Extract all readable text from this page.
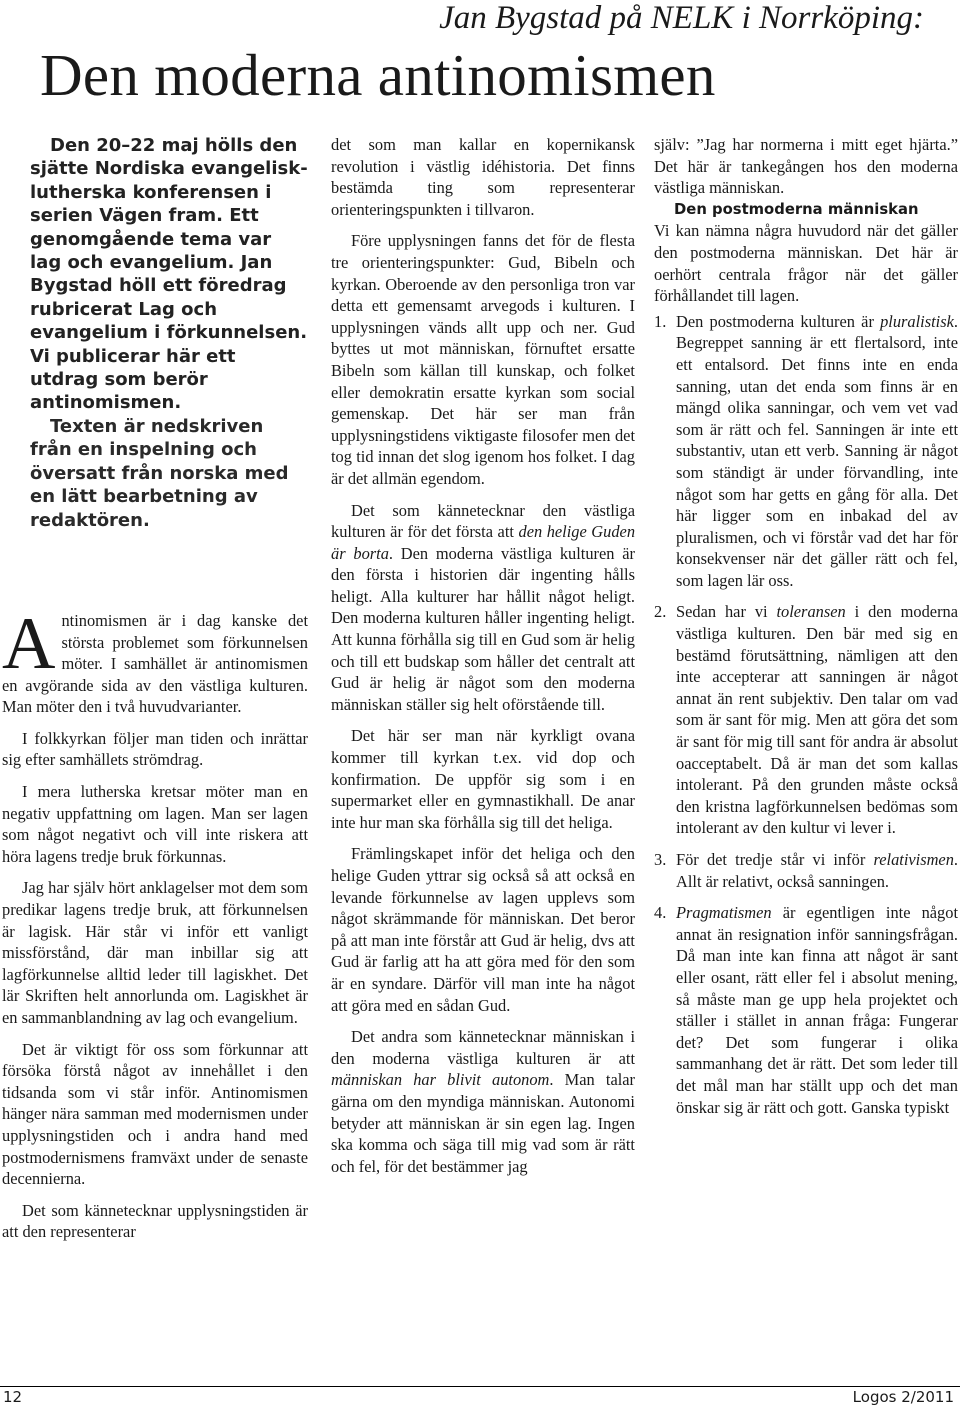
Jan Bygstad på NELK i Norrköping:
Den moderna antinomismen

Den 20–22 maj hölls den sjätte Nordiska evangelisk-lutherska konferensen i serien Vägen fram. Ett genomgående tema var lag och evangelium. Jan Bygstad höll ett föredrag rubricerat Lag och evangelium i förkunnelsen. Vi publicerar här ett utdrag som berör antinomismen.

Texten är nedskriven från en inspelning och översatt från norska med en lätt bearbetning av redaktören.

Antinomismen är i dag kanske det största problemet som förkunnelsen möter. I samhället är antinomismen en avgörande sida av den västliga kulturen. Man möter den i två huvudvarianter.

I folkkyrkan följer man tiden och inrättar sig efter samhällets strömdrag.

I mera lutherska kretsar möter man en negativ uppfattning om lagen. Man ser lagen som något negativt och vill inte riskera att höra lagens tredje bruk förkunnas.

Jag har själv hört anklagelser mot dem som predikar lagens tredje bruk, att förkunnelsen är lagisk. Här står vi inför ett vanligt missförstånd, där man inbillar sig att lagförkunnelse alltid leder till lagiskhet. Det lär Skriften helt annorlunda om. Lagiskhet är en sammanblandning av lag och evangelium.

Det är viktigt för oss som förkunnar att försöka förstå något av innehållet i den tidsanda som vi står inför. Antinomismen hänger nära samman med modernismen under upplysningstiden och i andra hand med postmodernismens framväxt under de senaste decennierna.

Det som kännetecknar upplysningstiden är att den representerar

det som man kallar en kopernikansk revolution i västlig idéhistoria. Det finns bestämda ting som representerar orienteringspunkten i tillvaron.

Före upplysningen fanns det för de flesta tre orienteringspunkter: Gud, Bibeln och kyrkan. Oberoende av den personliga tron var detta ett gemensamt arvegods i kulturen. I upplysningen vänds allt upp och ner. Gud byttes ut mot människan, förnuftet ersatte Bibeln som källan till kunskap, och folket eller demokratin ersatte kyrkan som social gemenskap. Det här ser man från upplysningstidens viktigaste filosofer men det tog tid innan det slog igenom hos folket. I dag är det allmän egendom.

Det som kännetecknar den västliga kulturen är för det första att den helige Guden är borta. Den moderna västliga kulturen är den första i historien där ingenting hålls heligt. Alla kulturer har hållit något heligt. Den moderna kulturen håller ingenting heligt. Att kunna förhålla sig till en Gud som är helig och till ett budskap som håller det centralt att Gud är helig är något som den moderna människan ställer sig helt oförstående till.

Det här ser man när kyrkligt ovana kommer till kyrkan t.ex. vid dop och konfirmation. De uppför sig som i en supermarket eller en gymnastikhall. De anar inte hur man ska förhålla sig till det heliga.

Främlingskapet inför det heliga och den helige Guden yttrar sig också så att också en levande förkunnelse av lagen upplevs som något skrämmande för människan. Det beror på att man inte förstår att Gud är helig, dvs att Gud är farlig att ha att göra med för den som är en syndare. Därför vill man inte ha något att göra med en sådan Gud.

Det andra som kännetecknar människan i den moderna västliga kulturen är att människan har blivit autonom. Man talar gärna om den myndiga människan. Autonomi betyder att människan är sin egen lag. Ingen ska komma och säga till mig vad som är rätt och fel, för det bestämmer jag

själv: ”Jag har normerna i mitt eget hjärta.” Det här är tankegången hos den moderna västliga människan.

Den postmoderna människan

Vi kan nämna några huvudord när det gäller den postmoderna människan. Det här är oerhört centrala frågor när det gäller förhållandet till lagen.

1. Den postmoderna kulturen är pluralistisk. Begreppet sanning är ett flertalsord, inte ett entalsord. Det finns inte en enda sanning, utan det enda som finns är en mängd olika sanningar, och vem vet vad som är rätt och fel. Sanningen är inte ett substantiv, utan ett verb. Sanning är något som ständigt är under förvandling, inte något som har getts en gång för alla. Det här ligger som en inbakad del av pluralismen, och vi förstår vad det har för konsekvenser när det gäller rätt och fel, som lagen lär oss.
2. Sedan har vi toleransen i den moderna västliga kulturen. Den bär med sig en bestämd förutsättning, nämligen att den inte accepterar att sanningen är något annat än rent subjektiv. Den talar om vad som är sant för mig. Men att göra det som är sant för mig till sant för andra är absolut oacceptabelt. Då är man det som kallas intolerant. På den grunden måste också den kristna lagförkunnelsen bedömas som intolerant av den kultur vi lever i.
3. För det tredje står vi inför relativismen. Allt är relativt, också sanningen.
4. Pragmatismen är egentligen inte något annat än resignation inför sanningsfrågan. Då man inte kan finna att något är sant eller osant, rätt eller fel i absolut mening, så måste man ge upp hela projektet och ställer i stället in annan fråga: Fungerar det? Det som fungerar i olika sammanhang det är rätt. Det som leder till det mål man har ställt upp och det man önskar sig är rätt och gott. Ganska typiskt
12	Logos 2/2011
